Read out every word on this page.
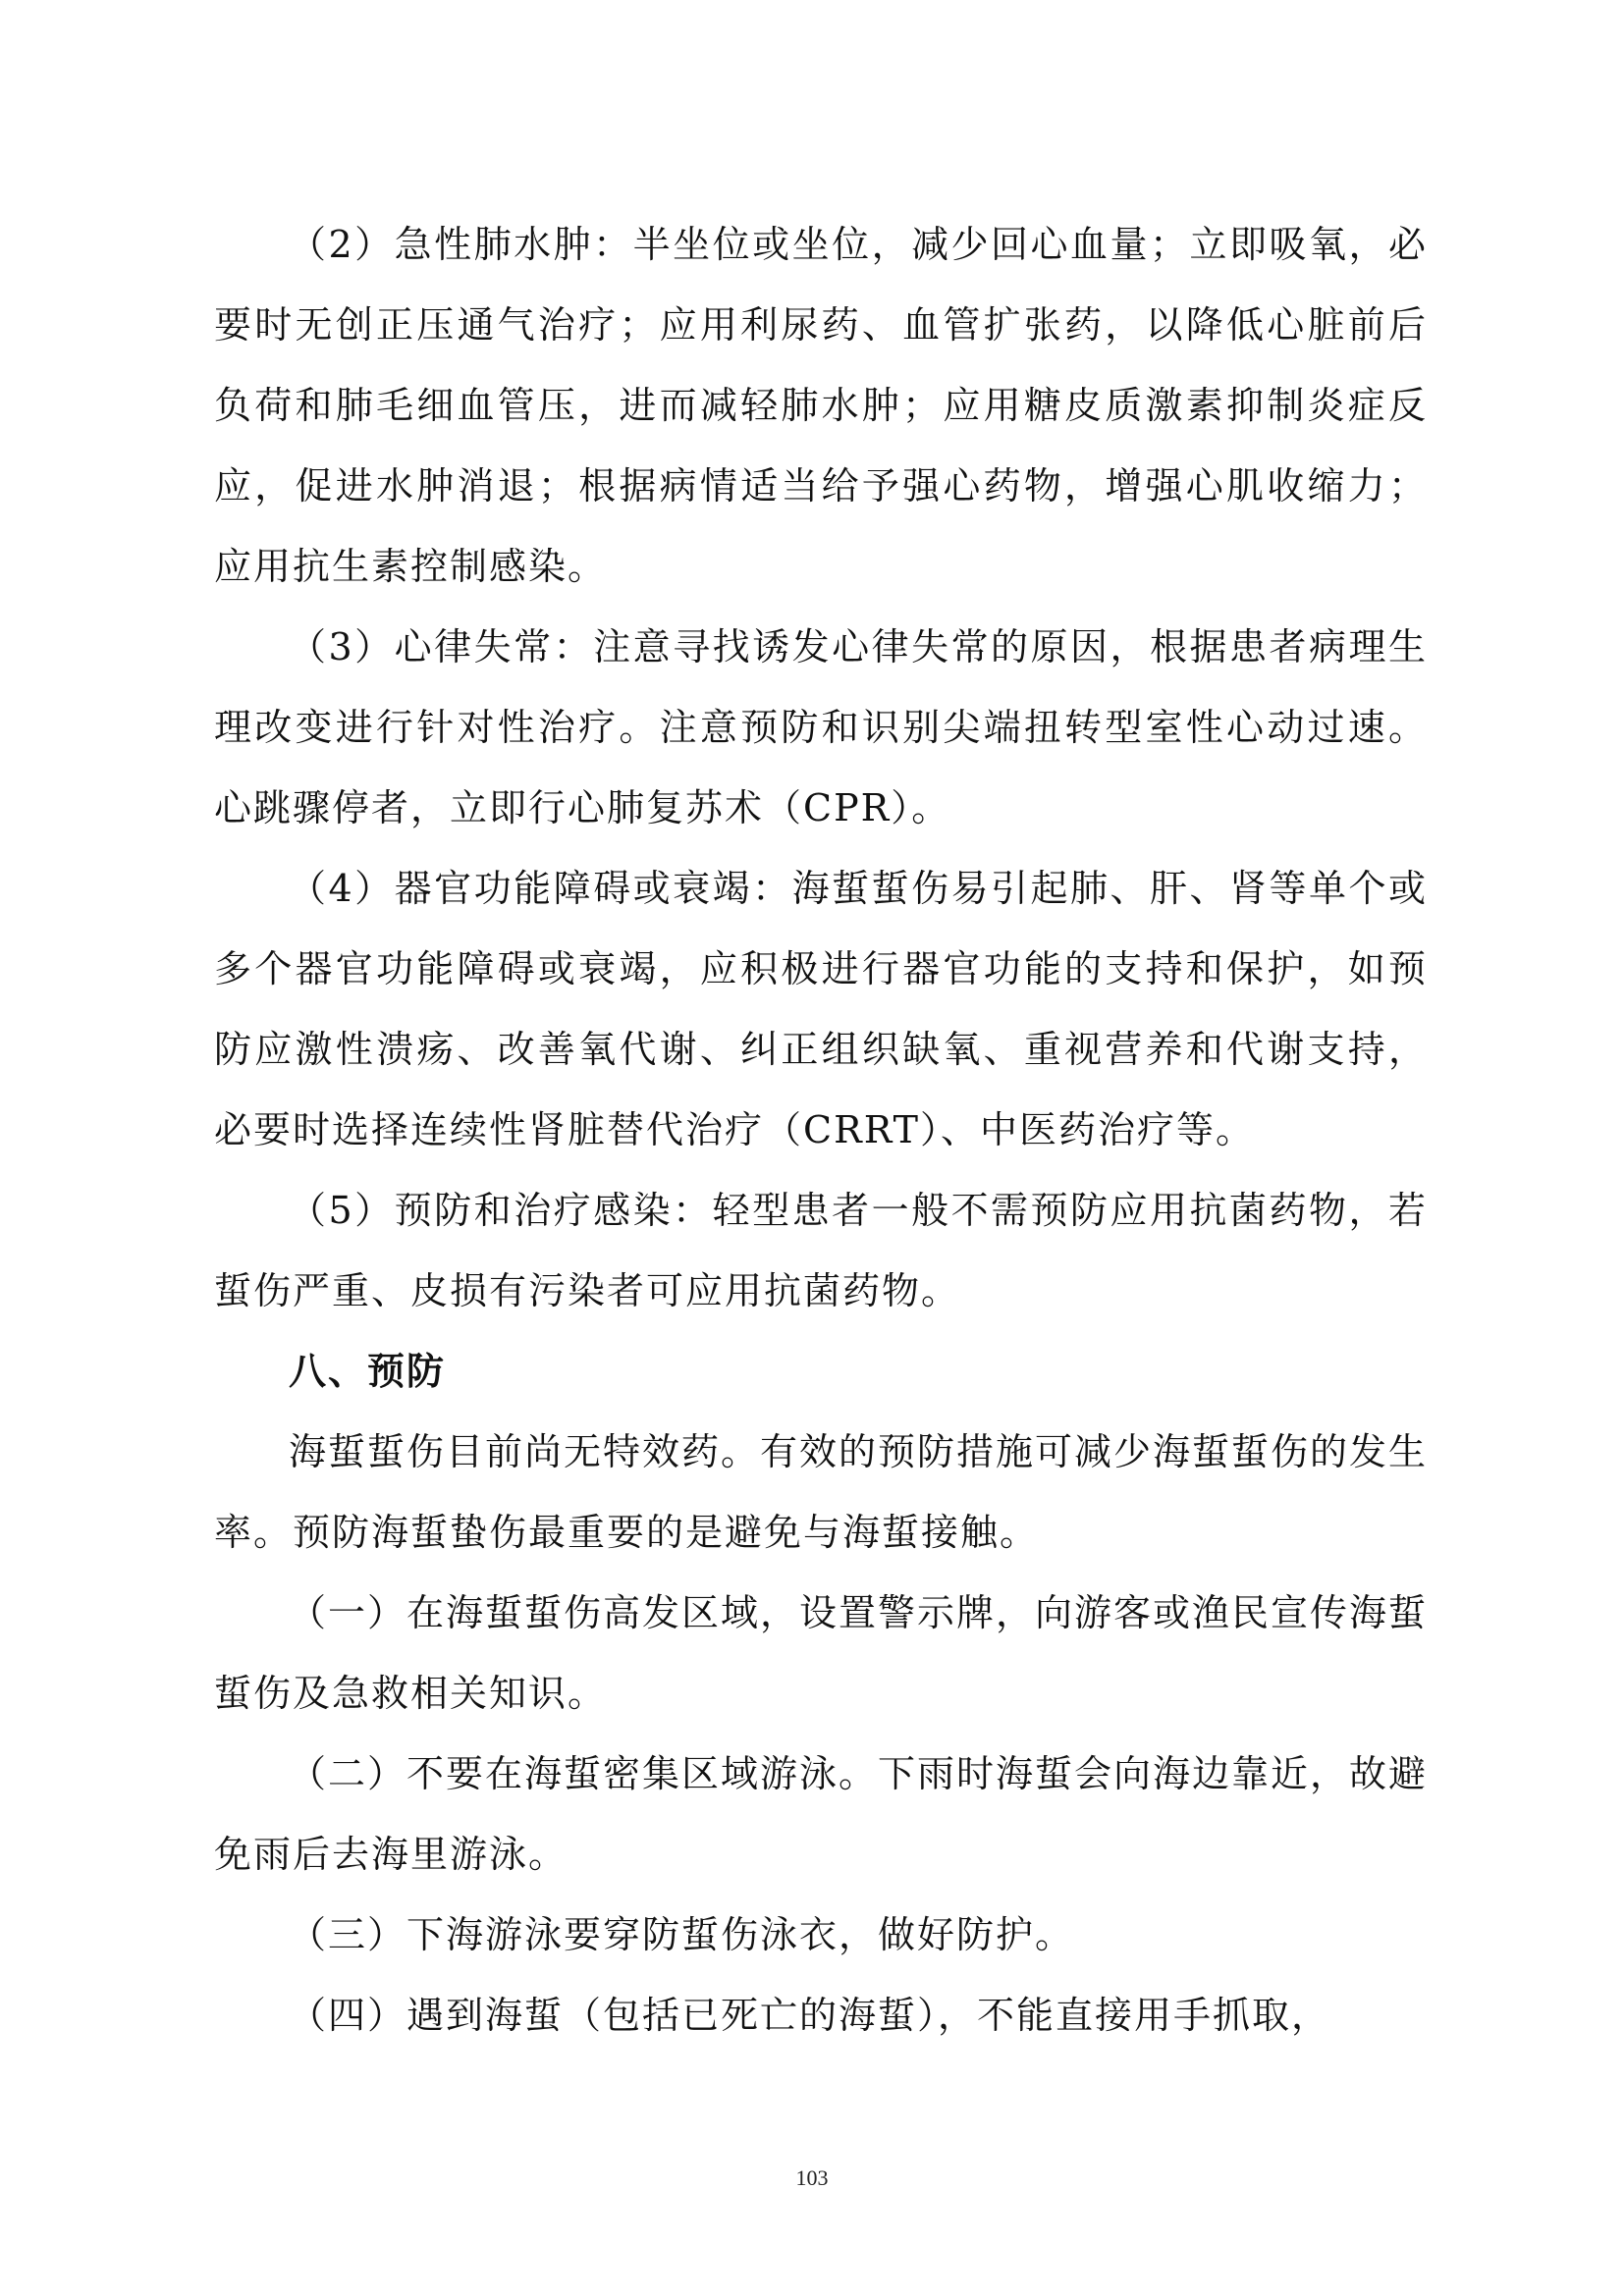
（2）急性肺水肿：半坐位或坐位，减少回心血量；立即吸氧，必要时无创正压通气治疗；应用利尿药、血管扩张药，以降低心脏前后负荷和肺毛细血管压，进而减轻肺水肿；应用糖皮质激素抑制炎症反应，促进水肿消退；根据病情适当给予强心药物，增强心肌收缩力；应用抗生素控制感染。

（3）心律失常：注意寻找诱发心律失常的原因，根据患者病理生理改变进行针对性治疗。注意预防和识别尖端扭转型室性心动过速。心跳骤停者，立即行心肺复苏术（CPR）。

（4）器官功能障碍或衰竭：海蜇蜇伤易引起肺、肝、肾等单个或多个器官功能障碍或衰竭，应积极进行器官功能的支持和保护，如预防应激性溃疡、改善氧代谢、纠正组织缺氧、重视营养和代谢支持，必要时选择连续性肾脏替代治疗（CRRT）、中医药治疗等。

（5）预防和治疗感染：轻型患者一般不需预防应用抗菌药物，若蜇伤严重、皮损有污染者可应用抗菌药物。

八、预防

海蜇蜇伤目前尚无特效药。有效的预防措施可减少海蜇蜇伤的发生率。预防海蜇蛰伤最重要的是避免与海蜇接触。

（一）在海蜇蜇伤高发区域，设置警示牌，向游客或渔民宣传海蜇蜇伤及急救相关知识。

（二）不要在海蜇密集区域游泳。下雨时海蜇会向海边靠近，故避免雨后去海里游泳。

（三）下海游泳要穿防蜇伤泳衣，做好防护。

（四）遇到海蜇（包括已死亡的海蜇），不能直接用手抓取，

103
